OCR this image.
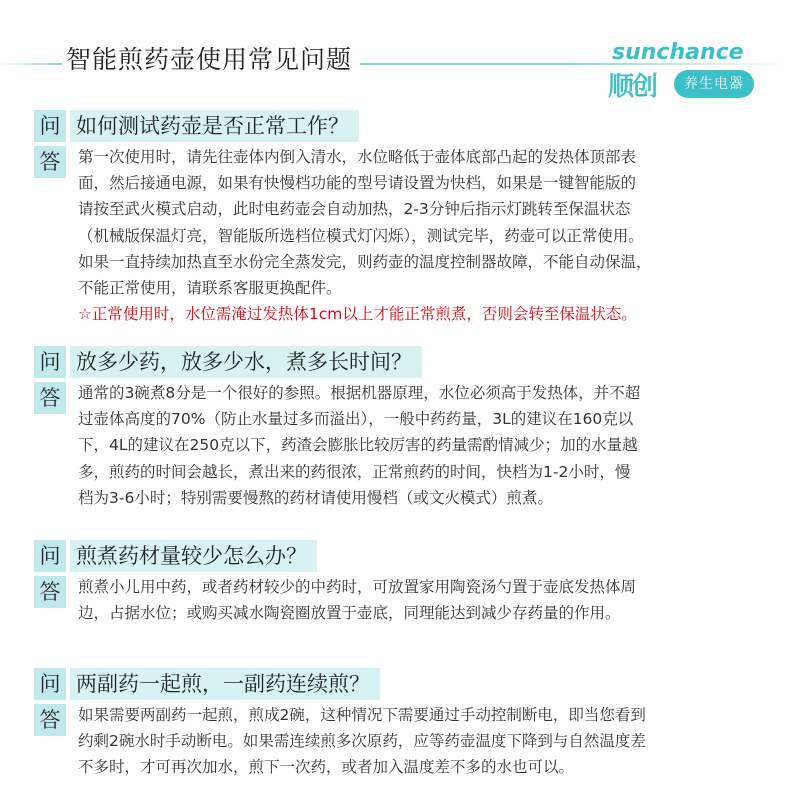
智能煎药壶使用常见问题	sunchance
顺创	养生电器
问 如何测试药壶是否正常工作？
答	第一次使用时，请先往壶体内倒入清水，水位略低于壶体底部凸起的发热体顶部表
面，然后接通电源，如果有快慢档功能的型号请设置为快档，如果是一键智能版的
请按至武火模式启动，此时电药壶会自动加热，2-3分钟后指示灯跳转至保温状态
（机械版保温灯亮，智能版所选档位模式灯闪烁），测试完毕，药壶可以正常使用。
如果一直持续加热直至水份完全蒸发完，则药壶的温度控制器故障，不能自动保温，
不能正常使用，请联系客服更换配件。
☆正常使用时，水位需淹过发热体1cm以上才能正常煎煮，否则会转至保温状态。
问 放多少药，放多少水，煮多长时间？
答	通常的3碗煮8分是一个很好的参照。根据机器原理，水位必须高于发热体，并不超
过壶体高度的70%（防止水量过多而溢出），一般中药药量，3L的建议在160克以
下，4L的建议在250克以下，药渣会膨胀比较厉害的药量需酌情减少；加的水量越
多，煎药的时间会越长，煮出来的药很浓，正常煎药的时间，快档为1-2小时，慢
档为3-6小时；特别需要慢熬的药材请使用慢档（或文火模式）煎煮。
问 煎煮药材量较少怎么办？
答	煎煮小儿用中药，或者药材较少的中药时，可放置家用陶瓷汤勺置于壶底发热体周
边，占据水位；或购买减水陶瓷圈放置于壶底，同理能达到减少存药量的作用。
问 两副药一起煎，一副药连续煎？
答	如果需要两副药一起煎，煎成2碗，这种情况下需要通过手动控制断电，即当您看到
约剩2碗水时手动断电。如果需连续煎多次原药，应等药壶温度下降到与自然温度差
不多时，才可再次加水，煎下一次药，或者加入温度差不多的水也可以。
